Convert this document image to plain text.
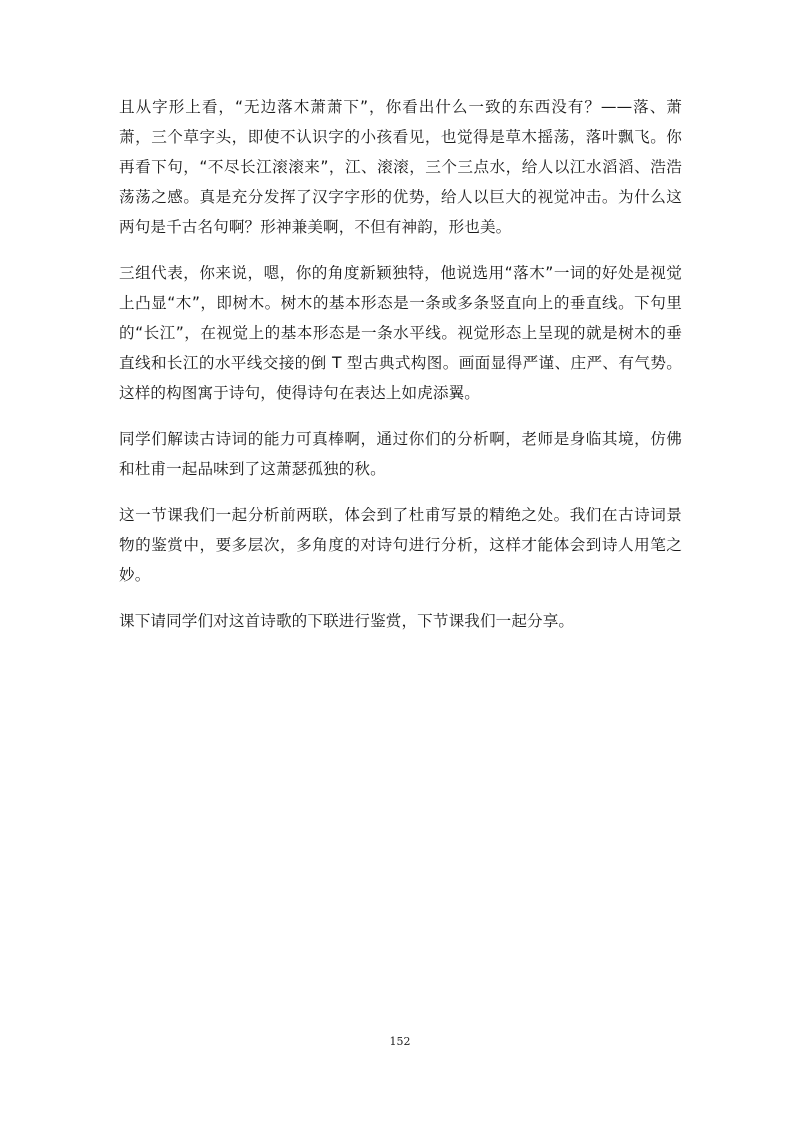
且从字形上看，“无边落木萧萧下”，你看出什么一致的东西没有？——落、萧萧，三个草字头，即使不认识字的小孩看见，也觉得是草木摇荡，落叶飘飞。你再看下句，“不尽长江滚滚来”，江、滚滚，三个三点水，给人以江水滔滔、浩浩荡荡之感。真是充分发挥了汉字字形的优势，给人以巨大的视觉冲击。为什么这两句是千古名句啊？形神兼美啊，不但有神韵，形也美。

三组代表，你来说，嗯，你的角度新颖独特，他说选用“落木”一词的好处是视觉上凸显“木”，即树木。树木的基本形态是一条或多条竖直向上的垂直线。下句里的“长江”，在视觉上的基本形态是一条水平线。视觉形态上呈现的就是树木的垂直线和长江的水平线交接的倒 T 型古典式构图。画面显得严谨、庄严、有气势。这样的构图寓于诗句，使得诗句在表达上如虎添翼。

同学们解读古诗词的能力可真棒啊，通过你们的分析啊，老师是身临其境，仿佛和杜甫一起品味到了这萧瑟孤独的秋。

这一节课我们一起分析前两联，体会到了杜甫写景的精绝之处。我们在古诗词景物的鉴赏中，要多层次，多角度的对诗句进行分析，这样才能体会到诗人用笔之妙。

课下请同学们对这首诗歌的下联进行鉴赏，下节课我们一起分享。

152
